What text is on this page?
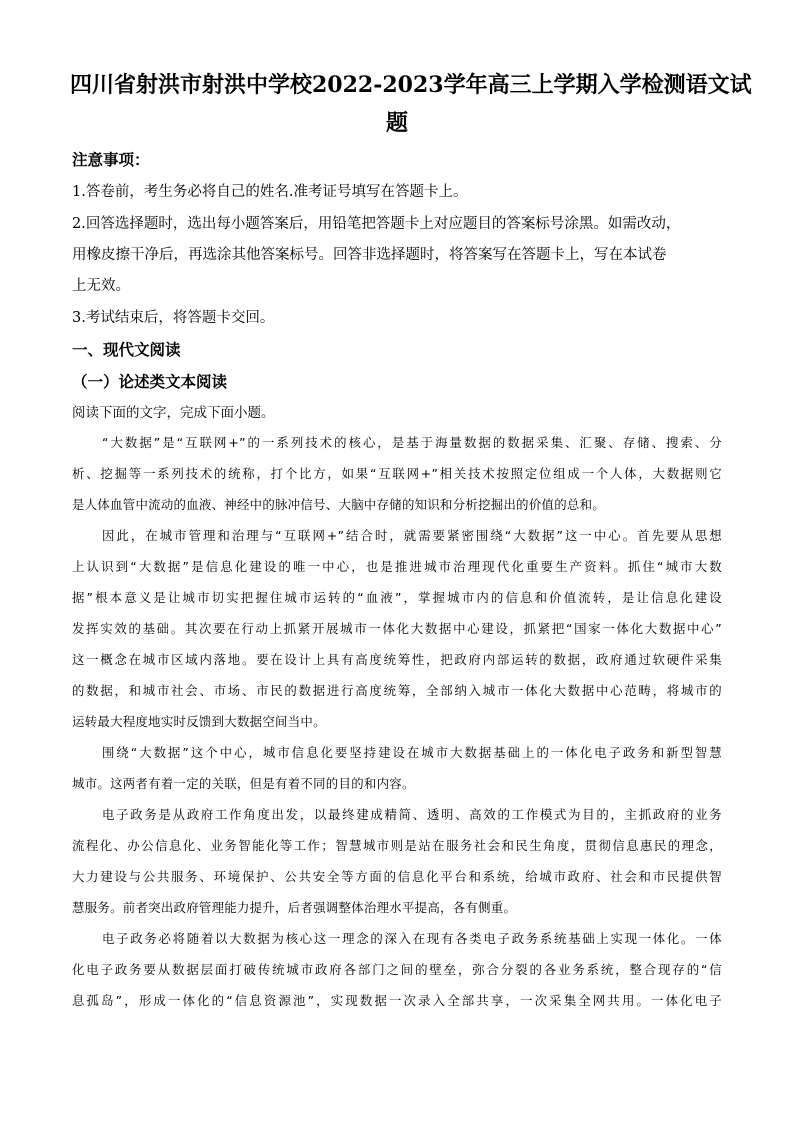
四川省射洪市射洪中学校2022-2023学年高三上学期入学检测语文试
题
注意事项：
1.答卷前，考生务必将自己的姓名.准考证号填写在答题卡上。
2.回答选择题时，选出每小题答案后，用铅笔把答题卡上对应题目的答案标号涂黑。如需改动，
用橡皮擦干净后，再选涂其他答案标号。回答非选择题时，将答案写在答题卡上，写在本试卷
上无效。
3.考试结束后，将答题卡交回。
一、现代文阅读
（一）论述类文本阅读
阅读下面的文字，完成下面小题。
“大数据”是“互联网+”的一系列技术的核心，是基于海量数据的数据采集、汇聚、存储、搜索、分
析、挖掘等一系列技术的统称，打个比方，如果“互联网+”相关技术按照定位组成一个人体，大数据则它
是人体血管中流动的血液、神经中的脉冲信号、大脑中存储的知识和分析挖掘出的价值的总和。
因此，在城市管理和治理与“互联网+”结合时，就需要紧密围绕“大数据”这一中心。首先要从思想
上认识到“大数据”是信息化建设的唯一中心，也是推进城市治理现代化重要生产资料。抓住“城市大数
据”根本意义是让城市切实把握住城市运转的“血液”，掌握城市内的信息和价值流转，是让信息化建设
发挥实效的基础。其次要在行动上抓紧开展城市一体化大数据中心建设，抓紧把“国家一体化大数据中心”
这一概念在城市区域内落地。要在设计上具有高度统筹性，把政府内部运转的数据，政府通过软硬件采集
的数据，和城市社会、市场、市民的数据进行高度统筹，全部纳入城市一体化大数据中心范畴，将城市的
运转最大程度地实时反馈到大数据空间当中。
围绕“大数据”这个中心，城市信息化要坚持建设在城市大数据基础上的一体化电子政务和新型智慧
城市。这两者有着一定的关联，但是有着不同的目的和内容。
电子政务是从政府工作角度出发，以最终建成精简、透明、高效的工作模式为目的，主抓政府的业务
流程化、办公信息化、业务智能化等工作；智慧城市则是站在服务社会和民生角度，贯彻信息惠民的理念，
大力建设与公共服务、环境保护、公共安全等方面的信息化平台和系统，给城市政府、社会和市民提供智
慧服务。前者突出政府管理能力提升，后者强调整体治理水平提高，各有侧重。
电子政务必将随着以大数据为核心这一理念的深入在现有各类电子政务系统基础上实现一体化。一体
化电子政务要从数据层面打破传统城市政府各部门之间的壁垒，弥合分裂的各业务系统，整合现存的“信
息孤岛”，形成一体化的“信息资源池”，实现数据一次录入全部共享，一次采集全网共用。一体化电子
